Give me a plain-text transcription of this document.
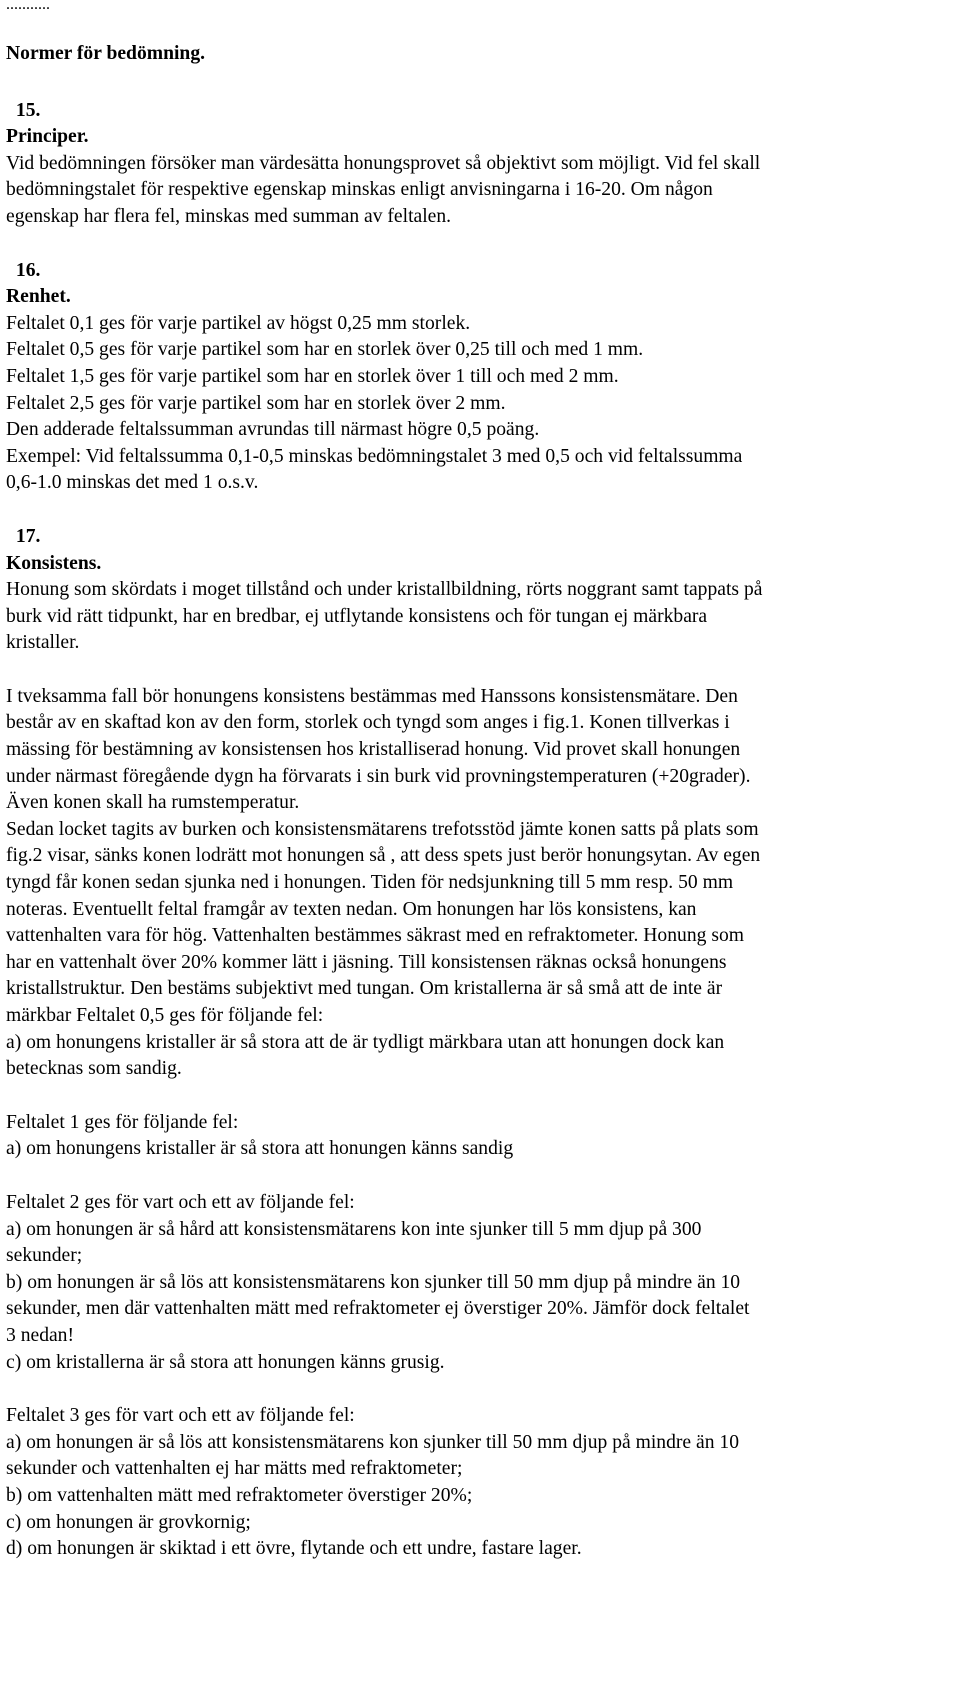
...........
Normer för bedömning.
15.
Principer.

Vid bedömningen försöker man värdesätta honungsprovet så objektivt som möjligt. Vid fel skall
bedömningstalet för respektive egenskap minskas enligt anvisningarna i 16-20. Om någon
egenskap har flera fel, minskas med summan av feltalen.

16.
Renhet.

Feltalet 0,1 ges för varje partikel av högst 0,25 mm storlek.
Feltalet 0,5 ges för varje partikel som har en storlek över 0,25 till och med 1 mm.
Feltalet 1,5 ges för varje partikel som har en storlek över 1 till och med 2 mm.
Feltalet 2,5 ges för varje partikel som har en storlek över 2 mm.
Den adderade feltalssumman avrundas till närmast högre 0,5 poäng.
Exempel: Vid feltalssumma 0,1-0,5 minskas bedömningstalet 3 med 0,5 och vid feltalssumma
0,6-1.0 minskas det med 1 o.s.v.

17.
Konsistens.

Honung som skördats i moget tillstånd och under kristallbildning, rörts noggrant samt tappats på
burk vid rätt tidpunkt, har en bredbar, ej utflytande konsistens och för tungan ej märkbara
kristaller.

I tveksamma fall bör honungens konsistens bestämmas med Hanssons konsistensmätare. Den
består av en skaftad kon av den form, storlek och tyngd som anges i fig.1. Konen tillverkas i
mässing för bestämning av konsistensen hos kristalliserad honung. Vid provet skall honungen
under närmast föregående dygn ha förvarats i sin burk vid provningstemperaturen (+20grader).
Även konen skall ha rumstemperatur.
Sedan locket tagits av burken och konsistensmätarens trefotsstöd jämte konen satts på plats som
fig.2 visar, sänks konen lodrätt mot honungen så , att dess spets just berör honungsytan. Av egen
tyngd får konen sedan sjunka ned i honungen. Tiden för nedsjunkning till 5 mm resp. 50 mm
noteras. Eventuellt feltal framgår av texten nedan. Om honungen har lös konsistens, kan
vattenhalten vara för hög. Vattenhalten bestämmes säkrast med en refraktometer. Honung som
har en vattenhalt över 20% kommer lätt i jäsning. Till konsistensen räknas också honungens
kristallstruktur. Den bestäms subjektivt med tungan. Om kristallerna är så små att de inte är
märkbar Feltalet 0,5 ges för följande fel:
a) om honungens kristaller är så stora att de är tydligt märkbara utan att honungen dock kan
betecknas som sandig.

Feltalet 1 ges för följande fel:
a) om honungens kristaller är så stora att honungen känns sandig

Feltalet 2 ges för vart och ett av följande fel:
a) om honungen är så hård att konsistensmätarens kon inte sjunker till 5 mm djup på 300
sekunder;
b) om honungen är så lös att konsistensmätarens kon sjunker till 50 mm djup på mindre än 10
sekunder, men där vattenhalten mätt med refraktometer ej överstiger 20%. Jämför dock feltalet
3 nedan!
c) om kristallerna är så stora att honungen känns grusig.

Feltalet 3 ges för vart och ett av följande fel:
a) om honungen är så lös att konsistensmätarens kon sjunker till 50 mm djup på mindre än 10
sekunder och vattenhalten ej har mätts med refraktometer;
b) om vattenhalten mätt med refraktometer överstiger 20%;
c) om honungen är grovkornig;
d) om honungen är skiktad i ett övre, flytande och ett undre, fastare lager.
